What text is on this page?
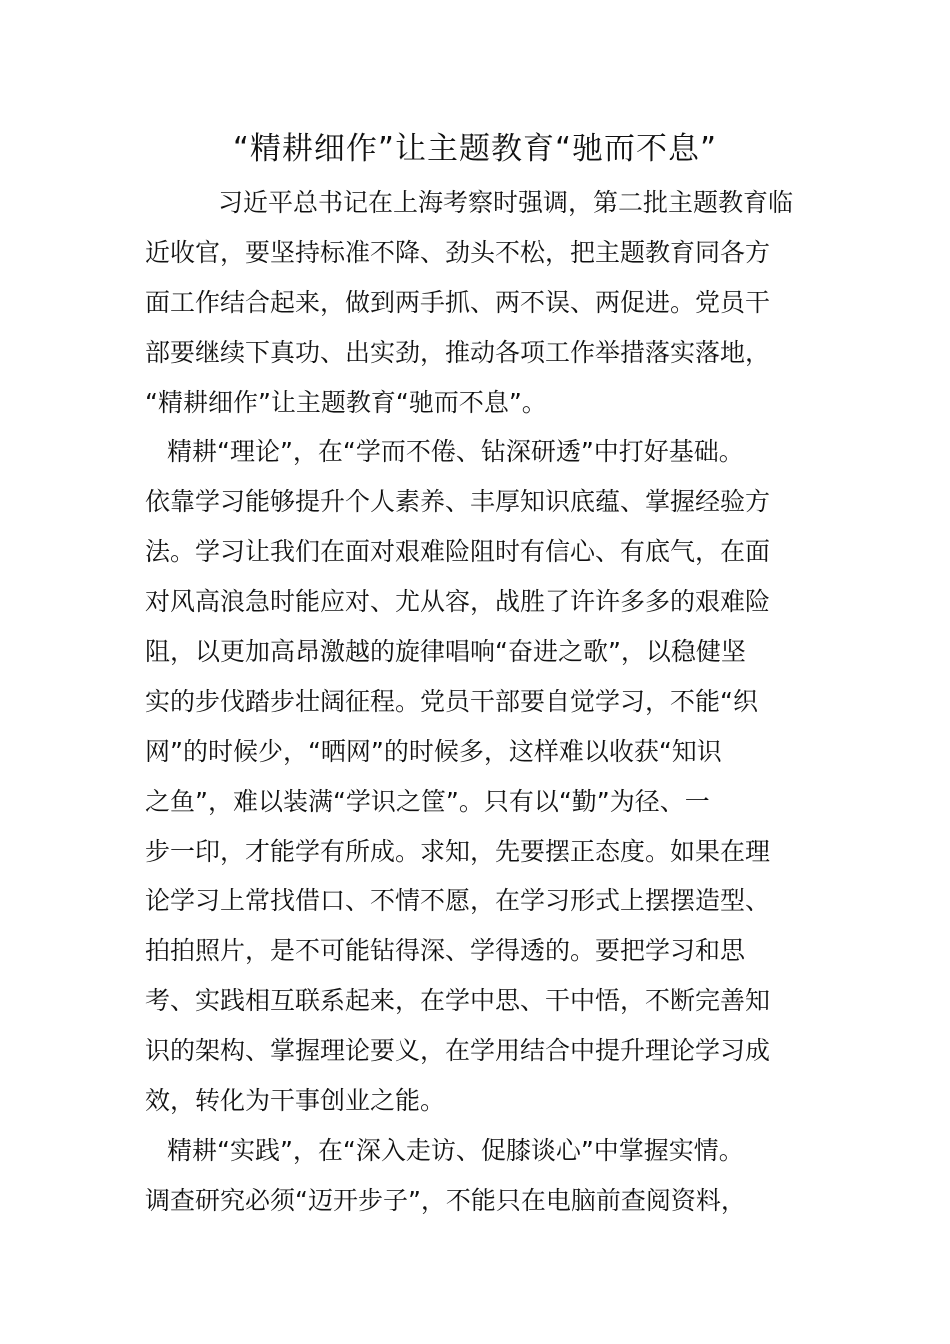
“精耕细作”让主题教育“驰而不息”
习近平总书记在上海考察时强调，第二批主题教育临
近收官，要坚持标准不降、劲头不松，把主题教育同各方
面工作结合起来，做到两手抓、两不误、两促进。党员干
部要继续下真功、出实劲，推动各项工作举措落实落地，
“精耕细作”让主题教育“驰而不息”。
精耕“理论”，在“学而不倦、钻深研透”中打好基础。
依靠学习能够提升个人素养、丰厚知识底蕴、掌握经验方
法。学习让我们在面对艰难险阻时有信心、有底气，在面
对风高浪急时能应对、尤从容，战胜了许许多多的艰难险
阻，以更加高昂激越的旋律唱响“奋进之歌”，以稳健坚
实的步伐踏步壮阔征程。党员干部要自觉学习，不能“织
网”的时候少，“晒网”的时候多，这样难以收获“知识
之鱼”，难以装满“学识之筐”。只有以“勤”为径、一
步一印，才能学有所成。求知，先要摆正态度。如果在理
论学习上常找借口、不情不愿，在学习形式上摆摆造型、
拍拍照片，是不可能钻得深、学得透的。要把学习和思
考、实践相互联系起来，在学中思、干中悟，不断完善知
识的架构、掌握理论要义，在学用结合中提升理论学习成
效，转化为干事创业之能。
精耕“实践”，在“深入走访、促膝谈心”中掌握实情。
调查研究必须“迈开步子”，不能只在电脑前查阅资料，
